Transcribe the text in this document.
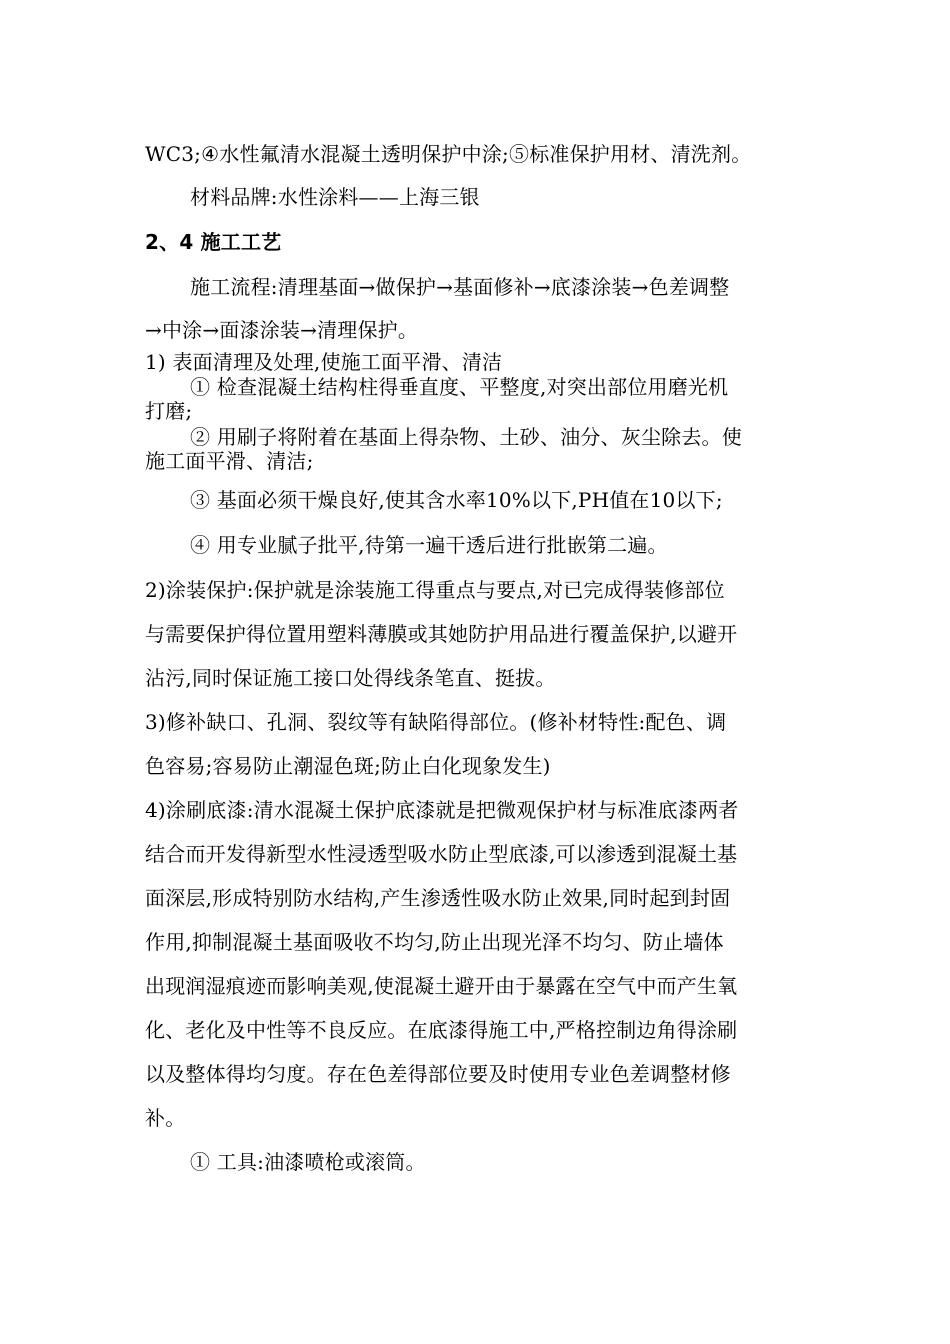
WC3;④水性氟清水混凝土透明保护中涂;⑤标准保护用材、清洗剂。
材料品牌:水性涂料——上海三银
2、4 施工工艺
施工流程:清理基面→做保护→基面修补→底漆涂装→色差调整
→中涂→面漆涂装→清理保护。
1) 表面清理及处理,使施工面平滑、清洁
① 检查混凝土结构柱得垂直度、平整度,对突出部位用磨光机
打磨;
② 用刷子将附着在基面上得杂物、土砂、油分、灰尘除去。使
施工面平滑、清洁;
③ 基面必须干燥良好,使其含水率10%以下,PH值在10以下;
④ 用专业腻子批平,待第一遍干透后进行批嵌第二遍。
2)涂装保护:保护就是涂装施工得重点与要点,对已完成得装修部位
与需要保护得位置用塑料薄膜或其她防护用品进行覆盖保护,以避开
沾污,同时保证施工接口处得线条笔直、挺拔。
3)修补缺口、孔洞、裂纹等有缺陷得部位。(修补材特性:配色、调
色容易;容易防止潮湿色斑;防止白化现象发生)
4)涂刷底漆:清水混凝土保护底漆就是把微观保护材与标准底漆两者
结合而开发得新型水性浸透型吸水防止型底漆,可以渗透到混凝土基
面深层,形成特别防水结构,产生渗透性吸水防止效果,同时起到封固
作用,抑制混凝土基面吸收不均匀,防止出现光泽不均匀、防止墙体
出现润湿痕迹而影响美观,使混凝土避开由于暴露在空气中而产生氧
化、老化及中性等不良反应。在底漆得施工中,严格控制边角得涂刷
以及整体得均匀度。存在色差得部位要及时使用专业色差调整材修
补。
① 工具:油漆喷枪或滚筒。
